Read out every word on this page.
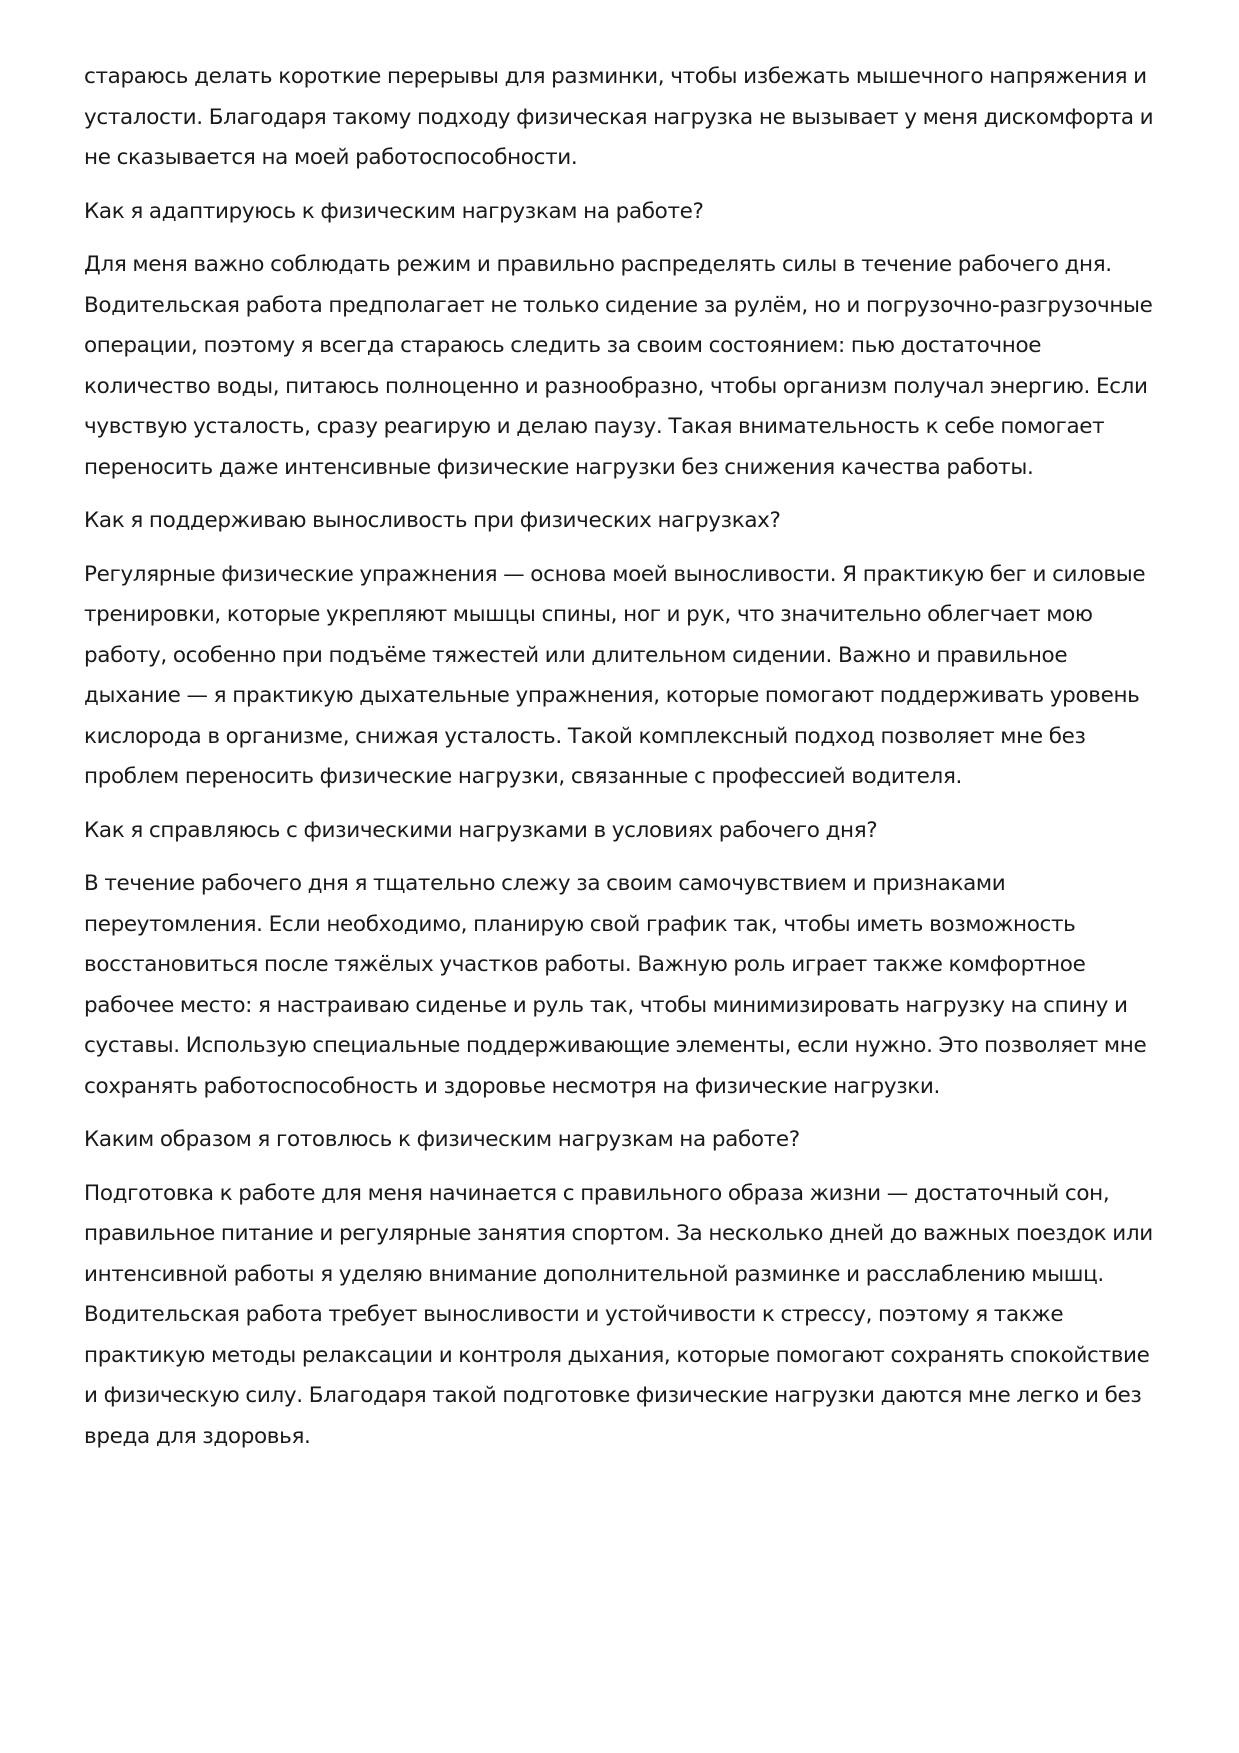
стараюсь делать короткие перерывы для разминки, чтобы избежать мышечного напряжения и усталости. Благодаря такому подходу физическая нагрузка не вызывает у меня дискомфорта и не сказывается на моей работоспособности.

Как я адаптируюсь к физическим нагрузкам на работе?

Для меня важно соблюдать режим и правильно распределять силы в течение рабочего дня. Водительская работа предполагает не только сидение за рулём, но и погрузочно-разгрузочные операции, поэтому я всегда стараюсь следить за своим состоянием: пью достаточное количество воды, питаюсь полноценно и разнообразно, чтобы организм получал энергию. Если чувствую усталость, сразу реагирую и делаю паузу. Такая внимательность к себе помогает переносить даже интенсивные физические нагрузки без снижения качества работы.

Как я поддерживаю выносливость при физических нагрузках?

Регулярные физические упражнения — основа моей выносливости. Я практикую бег и силовые тренировки, которые укрепляют мышцы спины, ног и рук, что значительно облегчает мою работу, особенно при подъёме тяжестей или длительном сидении. Важно и правильное дыхание — я практикую дыхательные упражнения, которые помогают поддерживать уровень кислорода в организме, снижая усталость. Такой комплексный подход позволяет мне без проблем переносить физические нагрузки, связанные с профессией водителя.

Как я справляюсь с физическими нагрузками в условиях рабочего дня?

В течение рабочего дня я тщательно слежу за своим самочувствием и признаками переутомления. Если необходимо, планирую свой график так, чтобы иметь возможность восстановиться после тяжёлых участков работы. Важную роль играет также комфортное рабочее место: я настраиваю сиденье и руль так, чтобы минимизировать нагрузку на спину и суставы. Использую специальные поддерживающие элементы, если нужно. Это позволяет мне сохранять работоспособность и здоровье несмотря на физические нагрузки.

Каким образом я готовлюсь к физическим нагрузкам на работе?

Подготовка к работе для меня начинается с правильного образа жизни — достаточный сон, правильное питание и регулярные занятия спортом. За несколько дней до важных поездок или интенсивной работы я уделяю внимание дополнительной разминке и расслаблению мышц. Водительская работа требует выносливости и устойчивости к стрессу, поэтому я также практикую методы релаксации и контроля дыхания, которые помогают сохранять спокойствие и физическую силу. Благодаря такой подготовке физические нагрузки даются мне легко и без вреда для здоровья.
